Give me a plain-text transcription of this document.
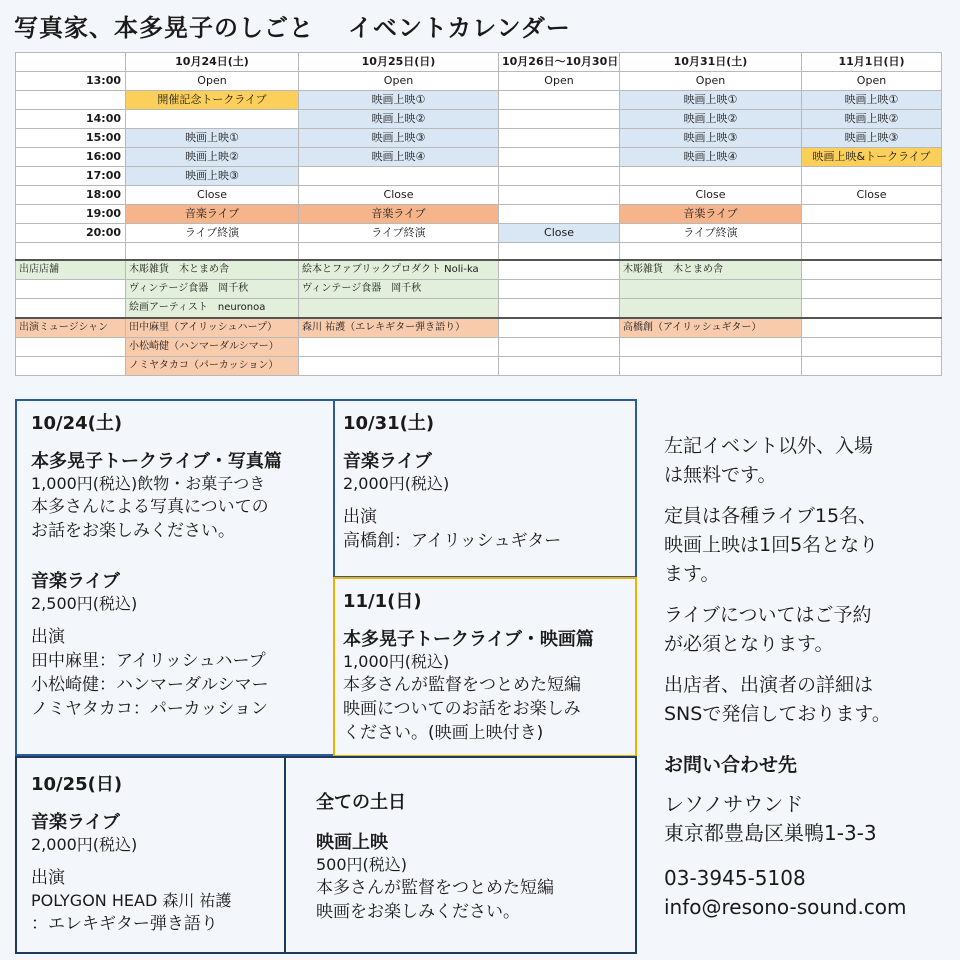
写真家、本多晃子のしごと イベントカレンダー
	10月24日(土)	10月25日(日)	10月26日〜10月30日	10月31日(土)	11月1日(日)
13:00	Open	Open	Open	Open	Open
	開催記念トークライブ	映画上映①		映画上映①	映画上映①
14:00		映画上映②		映画上映②	映画上映②
15:00	映画上映①	映画上映③		映画上映③	映画上映③
16:00	映画上映②	映画上映④		映画上映④	映画上映&トークライブ
17:00	映画上映③				
18:00	Close	Close		Close	Close
19:00	音楽ライブ	音楽ライブ		音楽ライブ	
20:00	ライブ終演	ライブ終演	Close	ライブ終演	

出店店舗	木彫雑貨　木とまめ舎	絵本とファブリックプロダクト Noli-ka		木彫雑貨　木とまめ舎	
	ヴィンテージ食器　岡千秋	ヴィンテージ食器　岡千秋			
	絵画アーティスト　neuronoa				
出演ミュージシャン	田中麻里（アイリッシュハープ）	森川 祐護（エレキギター弾き語り）		高橋創（アイリッシュギター）	
	小松崎健（ハンマーダルシマー）				
	ノミヤタカコ（パーカッション）				
10/24(土)
本多晃子トークライブ・写真篇
1,000円(税込)飲物・お菓子つき
本多さんによる写真についての
お話をお楽しみください。
音楽ライブ
2,500円(税込)
出演
田中麻里：アイリッシュハープ
小松崎健：ハンマーダルシマー
ノミヤタカコ：パーカッション
10/31(土)
音楽ライブ
2,000円(税込)
出演
高橋創：アイリッシュギター
11/1(日)
本多晃子トークライブ・映画篇
1,000円(税込)
本多さんが監督をつとめた短編
映画についてのお話をお楽しみ
ください。(映画上映付き)
10/25(日)
音楽ライブ
2,000円(税込)
出演
POLYGON HEAD 森川 祐護
：エレキギター弾き語り
全ての土日
映画上映
500円(税込)
本多さんが監督をつとめた短編
映画をお楽しみください。

左記イベント以外、入場
は無料です。

定員は各種ライブ15名、
映画上映は1回5名となり
ます。

ライブについてはご予約
が必須となります。

出店者、出演者の詳細は
SNSで発信しております。

お問い合わせ先
レソノサウンド
東京都豊島区巣鴨1-3-3
03-3945-5108
info@resono-sound.com
